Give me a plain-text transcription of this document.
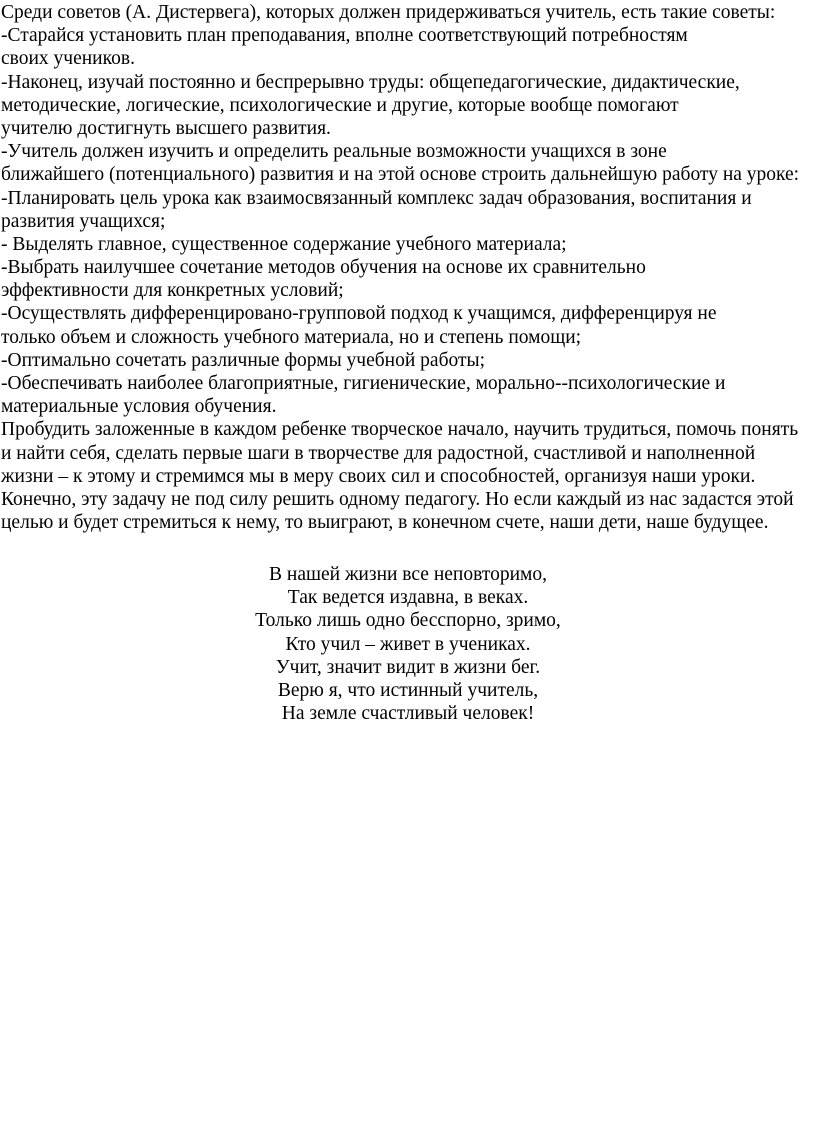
Среди советов (А. Дистервега), которых должен придерживаться учитель, есть такие советы:
-Старайся установить план преподавания, вполне соответствующий потребностям
своих учеников.
-Наконец, изучай постоянно и беспрерывно труды: общепедагогические, дидактические,
методические, логические, психологические и другие, которые вообще помогают
учителю достигнуть высшего развития.
-Учитель должен изучить и определить реальные возможности учащихся в зоне
ближайшего (потенциального) развития и на этой основе строить дальнейшую работу на уроке:
-Планировать цель урока как взаимосвязанный комплекс задач образования, воспитания и
развития учащихся;
- Выделять главное, существенное содержание учебного материала;
-Выбрать наилучшее сочетание методов обучения на основе их сравнительно
эффективности для конкретных условий;
-Осуществлять дифференцировано-групповой подход к учащимся, дифференцируя не
только объем и сложность учебного материала, но и степень помощи;
-Оптимально сочетать различные формы учебной работы;
-Обеспечивать наиболее благоприятные, гигиенические, морально--психологические и
материальные условия обучения.
Пробудить заложенные в каждом ребенке творческое начало, научить трудиться, помочь понять
и найти себя, сделать первые шаги в творчестве для радостной, счастливой и наполненной
жизни – к этому и стремимся мы в меру своих сил и способностей, организуя наши уроки.
Конечно, эту задачу не под силу решить одному педагогу. Но если каждый из нас задастся этой
целью и будет стремиться к нему, то выиграют, в конечном счете, наши дети, наше будущее.
В нашей жизни все неповторимо,
Так ведется издавна, в веках.
Только лишь одно бесспорно, зримо,
Кто учил – живет в учениках.
Учит, значит видит в жизни бег.
Верю я, что истинный учитель,
На земле счастливый человек!
